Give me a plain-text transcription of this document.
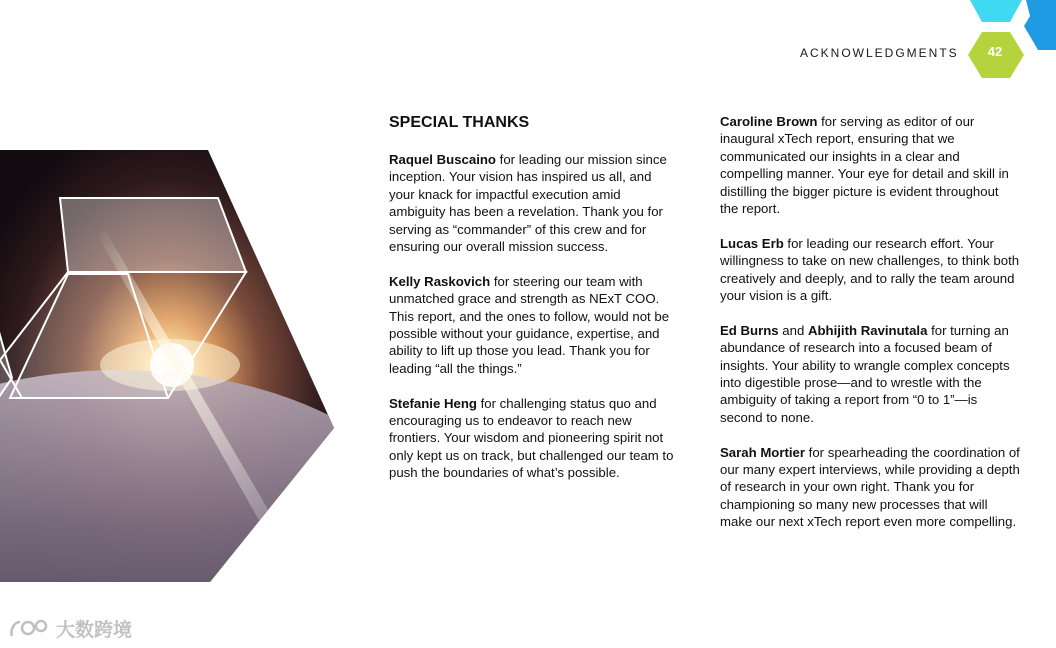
ACKNOWLEDGMENTS	42
SPECIAL THANKS

Raquel Buscaino for leading our mission since inception. Your vision has inspired us all, and your knack for impactful execution amid ambiguity has been a revelation. Thank you for serving as “commander” of this crew and for ensuring our overall mission success.

Kelly Raskovich for steering our team with unmatched grace and strength as NExT COO. This report, and the ones to follow, would not be possible without your guidance, expertise, and ability to lift up those you lead. Thank you for leading “all the things.”

Stefanie Heng for challenging status quo and encouraging us to endeavor to reach new frontiers. Your wisdom and pioneering spirit not only kept us on track, but challenged our team to push the boundaries of what’s possible.

Caroline Brown for serving as editor of our inaugural xTech report, ensuring that we communicated our insights in a clear and compelling manner. Your eye for detail and skill in distilling the bigger picture is evident throughout the report.

Lucas Erb for leading our research effort. Your willingness to take on new challenges, to think both creatively and deeply, and to rally the team around your vision is a gift.

Ed Burns and Abhijith Ravinutala for turning an abundance of research into a focused beam of insights. Your ability to wrangle complex concepts into digestible prose—and to wrestle with the ambiguity of taking a report from “0 to 1”—is second to none.

Sarah Mortier for spearheading the coordination of our many expert interviews, while providing a depth of research in your own right. Thank you for championing so many new processes that will make our next xTech report even more compelling.

大数跨境
